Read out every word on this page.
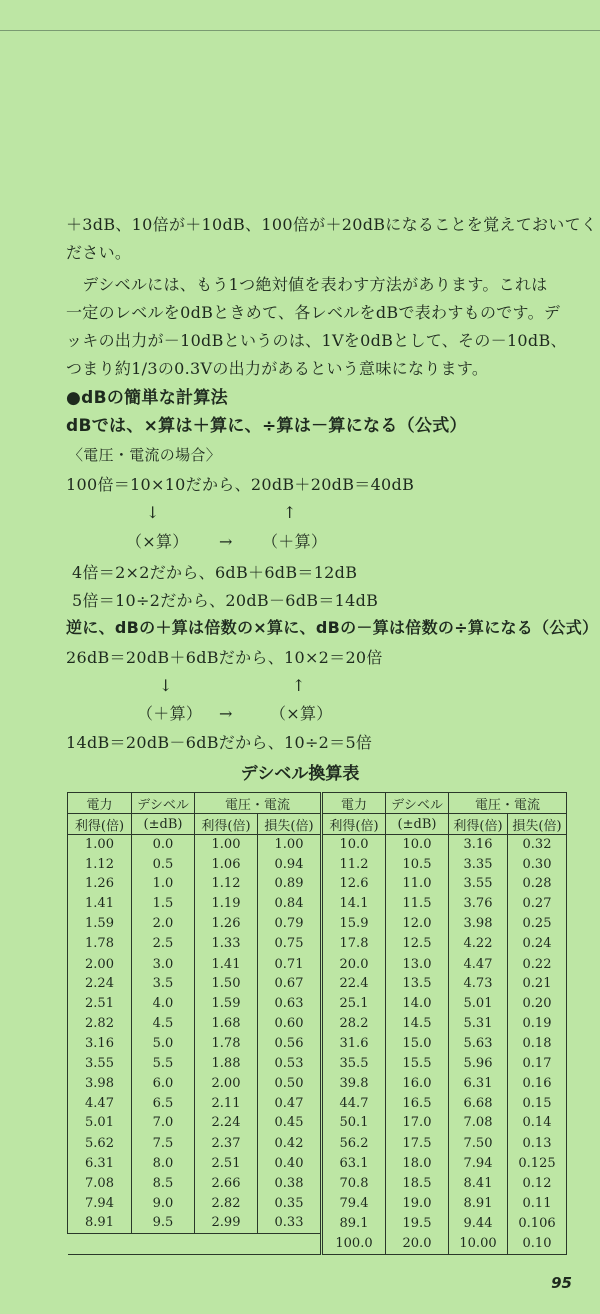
＋3dB、10倍が＋10dB、100倍が＋20dBになることを覚えておいてく
ださい。
　デシベルには、もう1つ絶対値を表わす方法があります。これは
一定のレベルを0dBときめて、各レベルをdBで表わすものです。デ
ッキの出力が－10dBというのは、1Vを0dBとして、その－10dB、
つまり約1/3の0.3Vの出力があるという意味になります。
●dBの簡単な計算法
dBでは、×算は＋算に、÷算は－算になる（公式）
〈電圧・電流の場合〉
100倍＝10×10だから、20dB＋20dB＝40dB
↓	↑
（×算） → （＋算）
4倍＝2×2だから、6dB＋6dB＝12dB
5倍＝10÷2だから、20dB－6dB＝14dB
逆に、dBの＋算は倍数の×算に、dBの－算は倍数の÷算になる（公式）
26dB＝20dB＋6dBだから、10×2＝20倍
↓	↑
（＋算） → （×算）
14dB＝20dB－6dBだから、10÷2＝5倍
デシベル換算表
電力	デシベル	電圧・電流		電力	デシベル	電圧・電流	
利得(倍)	(±dB)	利得(倍)	損失(倍)	利得(倍)	(±dB)	利得(倍)	損失(倍)
1.00	0.0	1.00	1.00	10.0	10.0	3.16	0.32
1.12	0.5	1.06	0.94	11.2	10.5	3.35	0.30
1.26	1.0	1.12	0.89	12.6	11.0	3.55	0.28
1.41	1.5	1.19	0.84	14.1	11.5	3.76	0.27
1.59	2.0	1.26	0.79	15.9	12.0	3.98	0.25
1.78	2.5	1.33	0.75	17.8	12.5	4.22	0.24
2.00	3.0	1.41	0.71	20.0	13.0	4.47	0.22
2.24	3.5	1.50	0.67	22.4	13.5	4.73	0.21
2.51	4.0	1.59	0.63	25.1	14.0	5.01	0.20
2.82	4.5	1.68	0.60	28.2	14.5	5.31	0.19
3.16	5.0	1.78	0.56	31.6	15.0	5.63	0.18
3.55	5.5	1.88	0.53	35.5	15.5	5.96	0.17
3.98	6.0	2.00	0.50	39.8	16.0	6.31	0.16
4.47	6.5	2.11	0.47	44.7	16.5	6.68	0.15
5.01	7.0	2.24	0.45	50.1	17.0	7.08	0.14
5.62	7.5	2.37	0.42	56.2	17.5	7.50	0.13
6.31	8.0	2.51	0.40	63.1	18.0	7.94	0.125
7.08	8.5	2.66	0.38	70.8	18.5	8.41	0.12
7.94	9.0	2.82	0.35	79.4	19.0	8.91	0.11
8.91	9.5	2.99	0.33	89.1	19.5	9.44	0.106
				100.0	20.0	10.00	0.10
95
